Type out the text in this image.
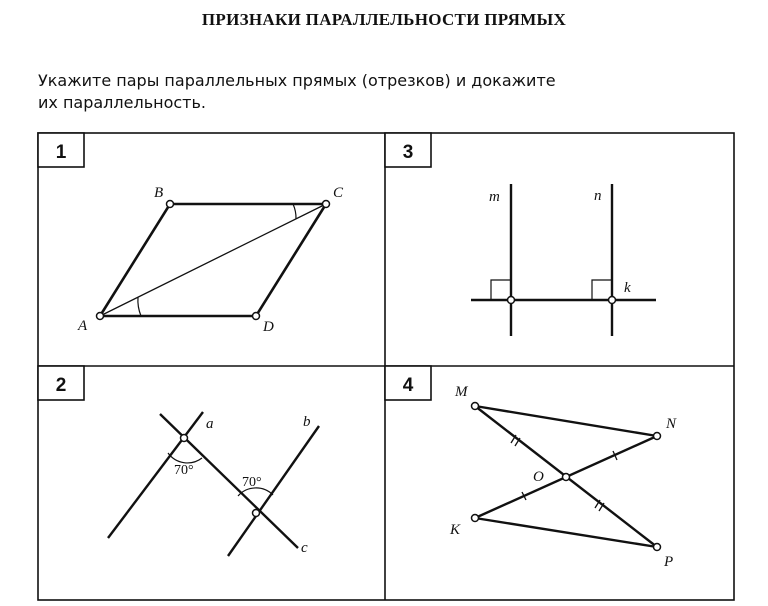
ПРИЗНАКИ ПАРАЛЛЕЛЬНОСТИ ПРЯМЫХ
Укажите пары параллельных прямых (отрезков) и докажите
их параллельность.
1
A
B	C
D
3
m	n
k
2
70°
70°
a	b
c
4	M
N
O
K
P
